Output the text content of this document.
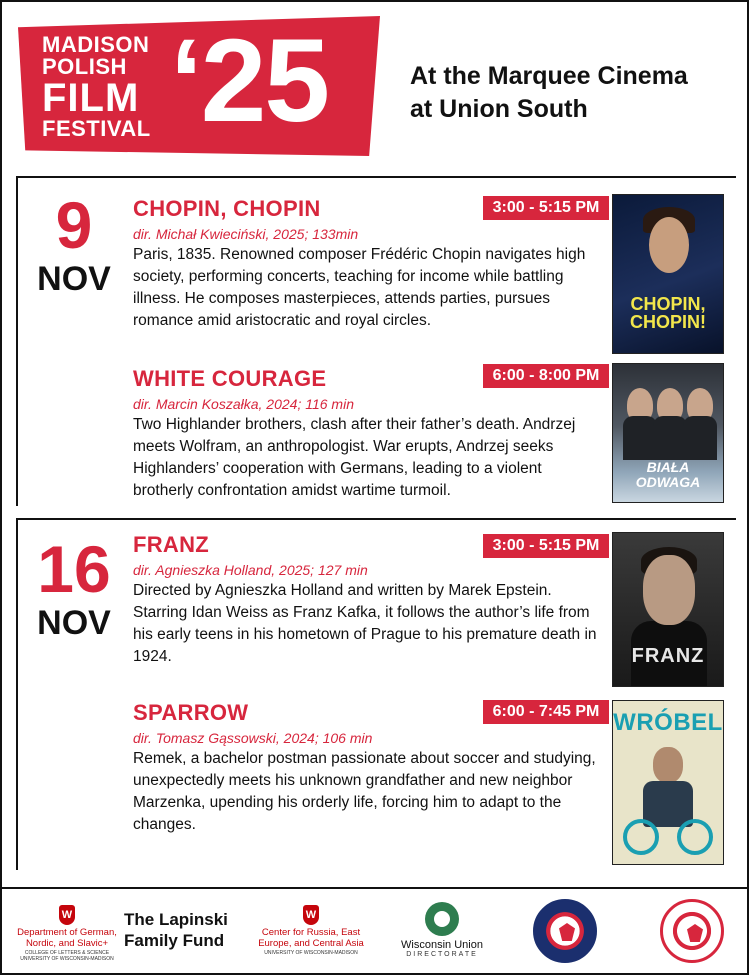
MADISON
POLISH
FILM
FESTIVAL ‘25	At the Marquee Cinema
at Union South
9
NOV
CHOPIN, CHOPIN
dir. Michał Kwieciński, 2025; 133min
Paris, 1835. Renowned composer Frédéric Chopin navigates high society, performing concerts, teaching for income while battling illness. He composes masterpieces, attends parties, pursues romance amid aristocratic and royal circles.
3:00 - 5:15 PM
WHITE COURAGE
dir. Marcin Koszałka, 2024; 116 min
Two Highlander brothers, clash after their father’s death. Andrzej meets Wolfram, an anthropologist. War erupts, Andrzej seeks Highlanders’ cooperation with Germans, leading to a violent brotherly confrontation amidst wartime turmoil.
6:00 - 8:00 PM
16
NOV
FRANZ
dir. Agnieszka Holland, 2025; 127 min
Directed by Agnieszka Holland and written by Marek Epstein. Starring Idan Weiss as Franz Kafka, it follows the author’s life from his early teens in his hometown of Prague to his premature death in 1924.
3:00 - 5:15 PM
SPARROW
dir. Tomasz Gąssowski, 2024; 106 min
Remek, a bachelor postman passionate about soccer and studying, unexpectedly meets his unknown grandfather and new neighbor Marzenka, upending his orderly life, forcing him to adapt to the changes.
6:00 - 7:45 PM
CHOPIN, CHOPIN!
BIAŁA ODWAGA
FRANZ
WRÓBEL
W
Department of German, Nordic, and Slavic+
COLLEGE OF LETTERS & SCIENCE UNIVERSITY OF WISCONSIN-MADISON
The Lapinski
Family Fund
W
Center for Russia, East Europe, and Central Asia
UNIVERSITY OF WISCONSIN-MADISON
Wisconsin Union
DIRECTORATE
